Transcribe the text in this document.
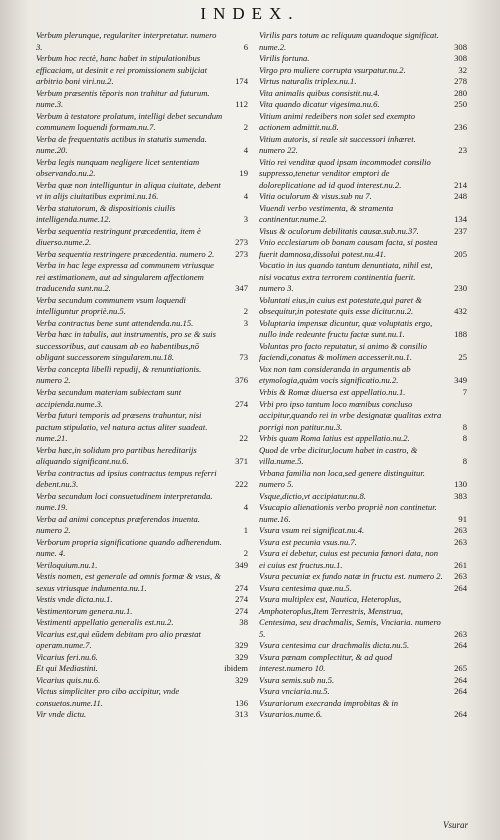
INDEX.
Verbum plerunque, regulariter interpretatur. numero 3.	6
Verbum hoc rectè, hanc habet in stipulationibus efficaciam, ut desinit e rei promissionem subijciat arbitrio boni viri.nu.2.	174
Verbum præsentis tēporis non trahitur ad futurum. nume.3.	112
Verbum à testatore prolatum, intelligi debet secundum communem loquendi formam.nu.7.	2
Verba de frequentatis actibus in statutis sumenda. nume.20.	4
Verba legis nunquam negligere licet sententiam observando.nu.2.	19
Verba quæ non intelliguntur in aliqua ciuitate, debent vt in alijs ciuitatibus exprimi.nu.16.	4
Verba statutorum, & dispositionis ciuilis intelligenda.nume.12.	3
Verba sequentia restringunt præcedentia, item è diuerso.nume.2.	273
Verba sequentia restringere præcedentia. numero 2.	273
Verba in hac lege expressa ad communem vtriusque rei æstimationem, aut ad singularem affectionem traducenda sunt.nu.2.	347
Verba secundum communem vsum loquendi intelliguntur propriè.nu.5.	2
Verba contractus bene sunt attendenda.nu.15.	3
Verba hæc in tabulis, aut instrumentis, pro se & suis successoribus, aut causam ab eo habentibus,nō obligant successorem singularem.nu.18.	73
Verba concepta libelli repudij, & renuntiationis. numero 2.	376
Verba secundum materiam subiectam sunt accipienda.nume.3.	274
Verba futuri temporis ad præsens trahuntur, nisi pactum stipulatio, vel natura actus aliter suadeat. nume.21.	22
Verba hæc,in solidum pro partibus hereditarijs aliquando significant.nu.6.	371
Verba contractus ad ipsius contractus tempus referri debent.nu.3.	222
Verba secundum loci consuetudinem interpretanda. nume.19.	4
Verba ad animi conceptus præferendos inuenta. numero 2.	1
Verborum propria significatione quando adherendum. nume. 4.	2
Veriloquium.nu.1.	349
Vestis nomen, est generale ad omnis formæ & vsus, & sexus vtriusque indumenta.nu.1.	274
Vestis vnde dicta.nu.1.	274
Vestimentorum genera.nu.1.	274
Vestimenti appellatio generalis est.nu.2.	38
Vicarius est,qui eūdem debitam pro alio præstat operam.nume.7.	329
Vicarius feri.nu.6.	329
Et qui Mediastini.	ibidem
Vicarius quis.nu.6.	329
Victus simpliciter pro cibo accipitur, vnde consuetos.nume.11.	136
Vir vnde dictu.	313
Virilis pars totum ac reliquum quandoque significat. nume.2.	308
Virilis fortuna.	308
Virgo pro muliere corrupta vsurpatur.nu.2.	32
Virtus naturalis triplex.nu.1.	278
Vita animalis quibus consistit.nu.4.	280
Vita quando dicatur vigesima.nu.6.	250
Vitium animi redeibers non solet sed exempto actionem admittit.nu.8.	236
Vitium autoris, si reale sit successori inhæret. numero 22.	23
Vitio rei venditæ quod ipsam incommodet consilio suppresso,tenetur venditor emptori de doloreplicatione ad id quod interest.nu.2.	214
Vitia oculorum & visus.sub nu 7.	248
Viuendi verbo vestimenta, & stramenta continentur.nume.2.	134
Visus & oculorum debilitatis causæ.sub.nu.37.	237
Vnio ecclesiarum ob bonam causam facta, si postea fuerit damnosa,dissolui potest.nu.41.	205
Vocatio in ius quando tantum denuntiata, nihil est, nisi vocatus extra terrorem continentia fuerit. numero 3.	230
Voluntati eius,in cuius est potestate,qui paret & obsequitur,in potestate quis esse dicitur.nu.2.	432
Voluptaria impensæ dicuntur, quæ voluptatis ergo, nullo inde redeunte fructu factæ sunt.nu.1.	188
Voluntas pro facto reputatur, si animo & consilio faciendi,conatus & molimen accesserit.nu.1.	25
Vox non tam consideranda in argumentis ab etymologia,quàm vocis significatio.nu.2.	349
Vrbis & Romæ diuersa est appellatio.nu.1.	7
Vrbi pro ipso tantum loco mœnibus concluso accipitur,quando rei in vrbe designatæ qualitas extra porrigi non patitur.nu.3.	8
Vrbis quam Roma latius est appellatio.nu.2.	8
Quod de vrbe dicitur,locum habet in castro, & villa.nume.5.	8
Vrbana familia non loca,sed genere distinguitur. numero 5.	130
Vsque,dictio,vt accipiatur.nu.8.	383
Vsucapio alienationis verbo propriè non continetur. nume.16.	91
Vsura vsum rei significat.nu.4.	263
Vsura est pecunia vsus.nu.7.	263
Vsura ei debetur, cuius est pecunia fœnori data, non ei cuius est fructus.nu.1.	261
Vsura pecuniæ ex fundo natæ in fructu est. numero 2.	263
Vsura centesima quæ.nu.5.	264
Vsura multiplex est, Nautica, Heteroplus, Amphoteroplus,Item Terrestris, Menstrua, Centesima, seu drachmalis, Semis, Vnciaria. numero 5.	263
Vsura centesima cur drachmalis dicta.nu.5.	264
Vsura pœnam complectitur, & ad quod interest.numero 10.	265
Vsura semis.sub nu.5.	264
Vsura vnciaria.nu.5.	264
Vsurariorum execranda improbitas & in Vsurarios.nume.6.	264
Vsurar
